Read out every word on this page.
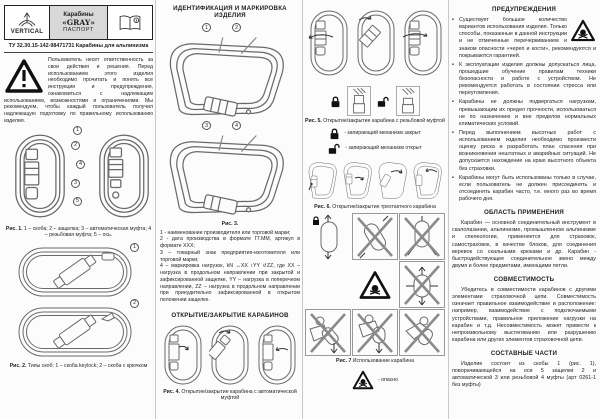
VERTICAL
Карабины
«GRAY»
ПАСПОРТ
ТУ 32.30.15-142-98471731 Карабины для альпинизма

Пользователь несет ответственность за свои действия и решения. Перед использованием этого изделия необходимо прочитать и понять все инструкции и предупреждения, ознакомиться с надлежащим использованием, возможностями и ограничениями. Мы рекомендуем, чтобы каждый пользователь получил надлежащую подготовку по правильному использованию изделия.

1
2
4
3
5
Рис. 1. 1 – скоба; 2 – защелка; 3 – автоматическая муфта; 4 – резьбовая муфта; 5 – ось.
1
2
Рис. 2. Типы скоб: 1 – скоба keylock; 2 – скоба с крючком
ИДЕНТИФИКАЦИЯ И МАРКИРОВКА ИЗДЕЛИЯ
1	2
3	4
Рис. 3.

1 - наименование производителя или торговой марки;

2 - дата производства в формате ГГ.ММ, артикул в формате XXX;

3 – товарный знак предприятия-изготовителя или торговой марки;

4 – маркировка нагрузок, kN ↔XX ↕YY ↺ZZ, где XX – нагрузка в продольном направлении при закрытой и зафиксированной защелке, YY – нагрузка в поперечном направлении, ZZ – нагрузка в продольном направлении при принудительно зафиксированной в открытом положении защелке.

ОТКРЫТИЕ/ЗАКРЫТИЕ КАРАБИНОВ
Рис. 4. Открытие/закрытие карабина с автоматической муфтой
Рис. 5. Открытие/закрытие карабина с резьбовой муфтой
- запирающий механизм закрыт
- запирающий механизм открыт
Рис. 6. Открытие/закрытие трехтактного карабина
Рис. 7 Использование карабина
- опасно
ПРЕДУПРЕЖДЕНИЯ
• Существует большое количество вариантов использования изделия. Только способы, показанные в данной инструкции и не отмеченные перечеркиванием и знаком опасности «череп и кости», рекомендуются и покрываются гарантией.
• К эксплуатации изделия должны допускаться лица, прошедшие обучение правилам техники безопасности и работе с устройством. Не рекомендуется работать в состоянии стресса или переутомления.
• Карабины не должны подвергаться нагрузкам, превышающим их предел прочности, использоваться не по назначению и вне пределов нормальных климатических условий.
• Перед выполнением высотных работ с использованием изделия необходимо произвести оценку риска и разработать план спасения при возникновении нештатных и аварийных ситуаций. Не допускается нахождение на краю высотного объекта без страховки.
• Карабины могут быть использованы только в случае, если пользователь не должен присоединять и отсоединять карабин часто, т.е. много раз во время рабочего дня.
ОБЛАСТЬ ПРИМЕНЕНИЯ

Карабин — основной соединительный инструмент в скалолазании, альпинизме, промышленном альпинизме и спелеологии, применяется для страховок, самостраховок, в качестве блоков, для соединения веревок со скальными крюками и др. Карабин - быстродействующее соединительное звено между двумя и более предметами, имеющими петли.

СОВМЕСТИМОСТЬ

Убедитесь в совместимости карабинов с другими элементами страховочной цепи. Совместимость означает правильное взаимодействие и расположение: например, взаимодействие с подключаемыми устройствами, правильное приложение нагрузки на карабин и т.д. Несовместимость может привести к непроизвольному выстегиванию или разрушению карабина или других элементов страховочной цепи.

СОСТАВНЫЕ ЧАСТИ

Изделие состоит из скобы 1 (рис. 1), поворачивающейся на оси 5 защелки 2 и автоматической 3 или резьбовой 4 муфты (арт 0261-1 без муфты)
